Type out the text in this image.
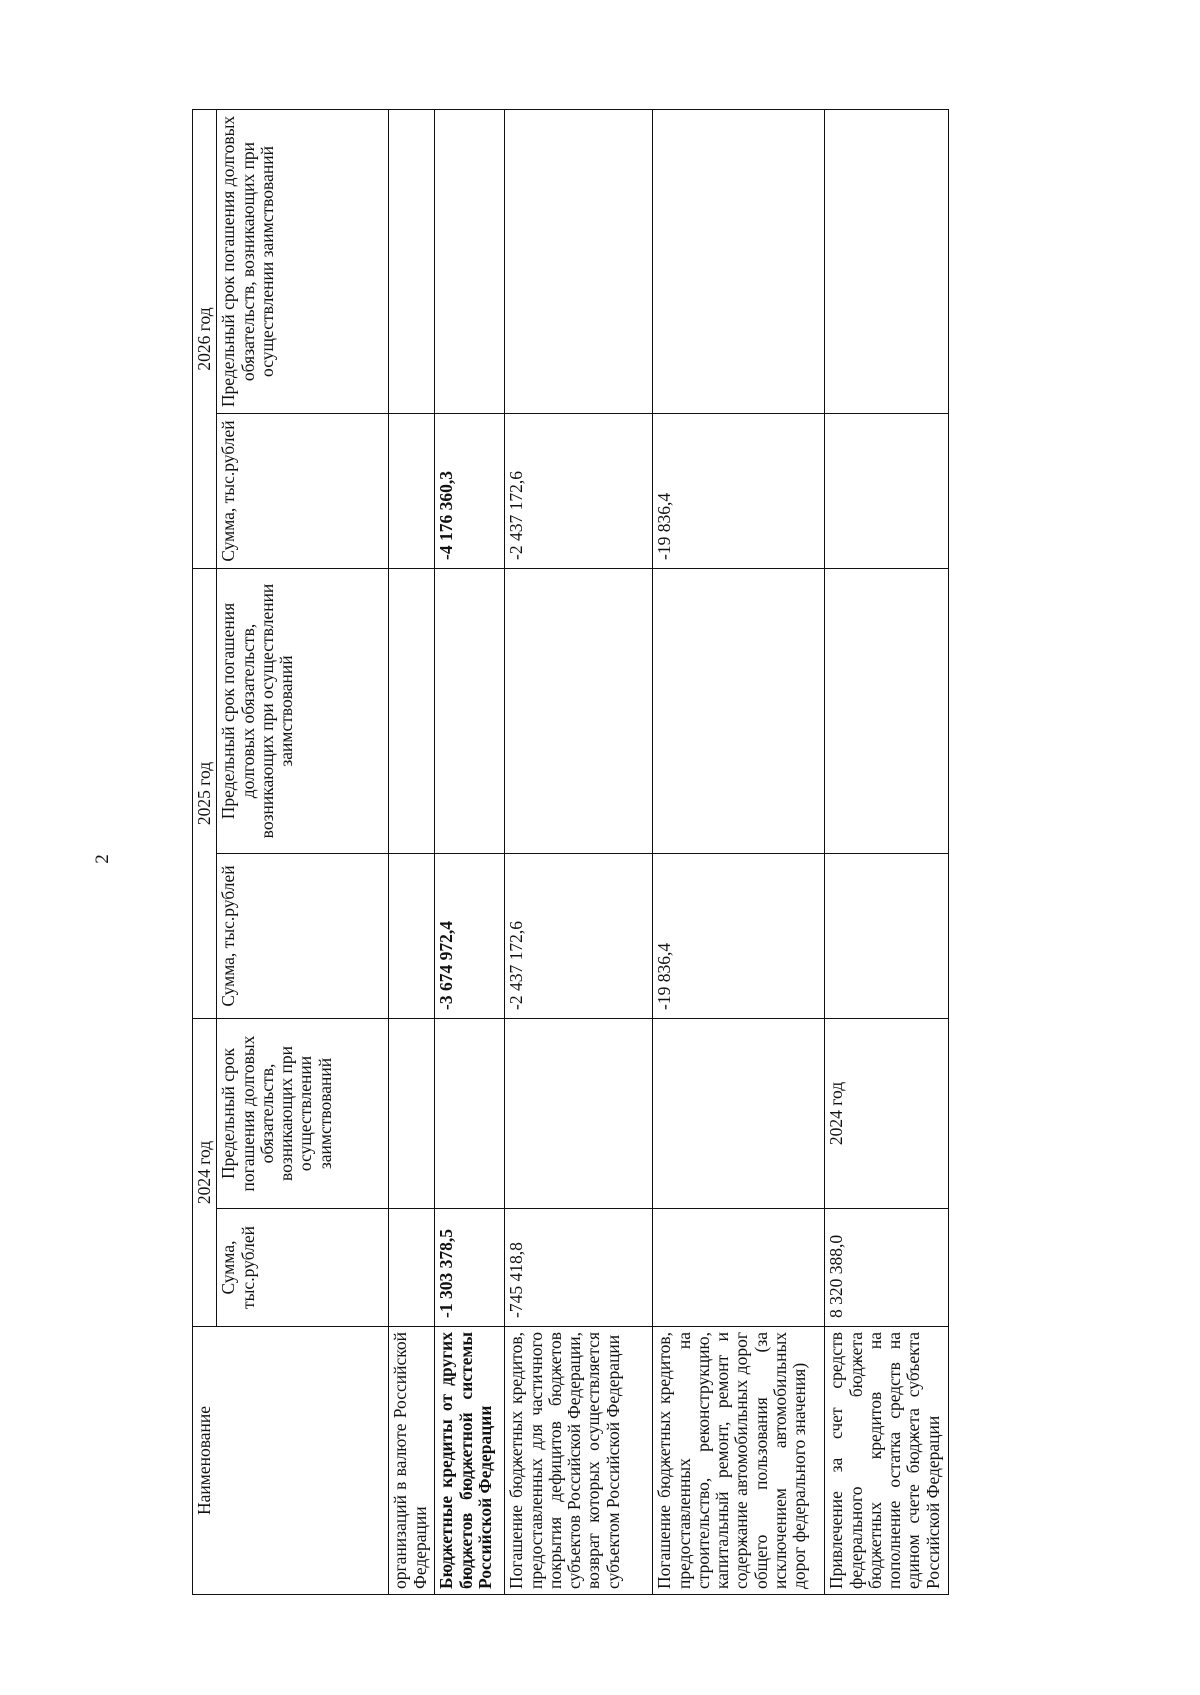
2
Наименование	2024 год		2025 год		2026 год	
	Сумма, тыс.рублей	Предельный срок погашения долговых обязательств, возникающих при осуществлении заимствований	Сумма, тыс.рублей	Предельный срок погашения долговых обязательств, возникающих при осуществлении заимствований	Сумма, тыс.рублей	Предельный срок погашения долговых обязательств, возникающих при осуществлении заимствований
организаций в валюте Российской Федерации						
Бюджетные кредиты от других бюджетов бюджетной системы Российской Федерации	-1 303 378,5		-3 674 972,4		-4 176 360,3	
Погашение бюджетных кредитов, предоставленных для частичного покрытия дефицитов бюджетов субъектов Российской Федерации, возврат которых осуществляется субъектом Российской Федерации	-745 418,8		-2 437 172,6		-2 437 172,6	
Погашение бюджетных кредитов, предоставленных на строительство, реконструкцию, капитальный ремонт, ремонт и содержание автомобильных дорог общего пользования (за исключением автомобильных дорог федерального значения)			-19 836,4		-19 836,4	
Привлечение за счет средств федерального бюджета бюджетных кредитов на пополнение остатка средств на едином счете бюджета субъекта Российской Федерации	8 320 388,0	2024 год				
